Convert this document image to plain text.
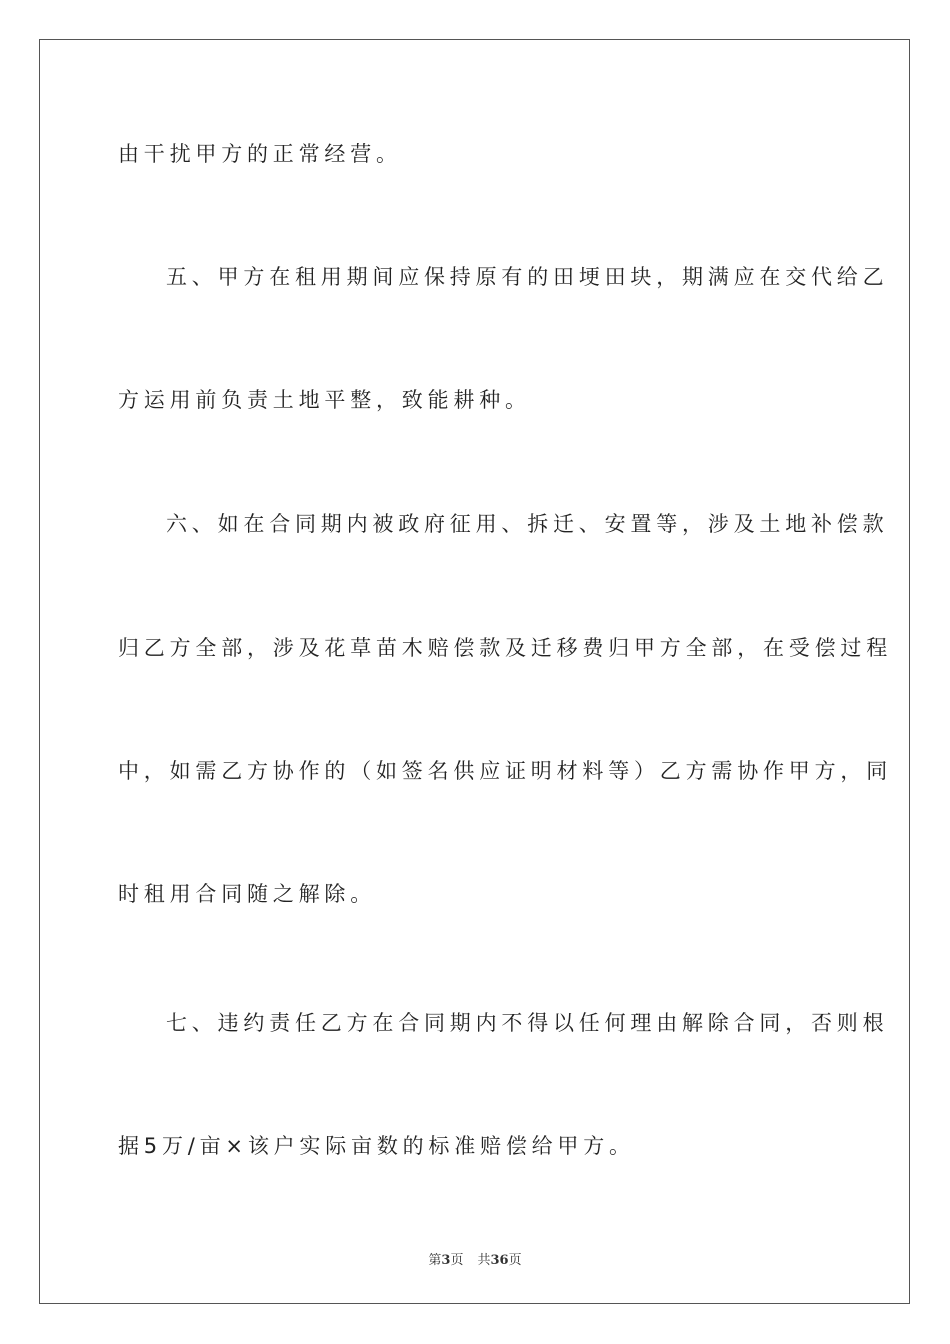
由干扰甲方的正常经营。
五、甲方在租用期间应保持原有的田埂田块，期满应在交代给乙
方运用前负责土地平整，致能耕种。
六、如在合同期内被政府征用、拆迁、安置等，涉及土地补偿款
归乙方全部，涉及花草苗木赔偿款及迁移费归甲方全部，在受偿过程
中，如需乙方协作的（如签名供应证明材料等）乙方需协作甲方，同
时租用合同随之解除。
七、违约责任乙方在合同期内不得以任何理由解除合同，否则根
据5万/亩×该户实际亩数的标准赔偿给甲方。
第3页 共36页
